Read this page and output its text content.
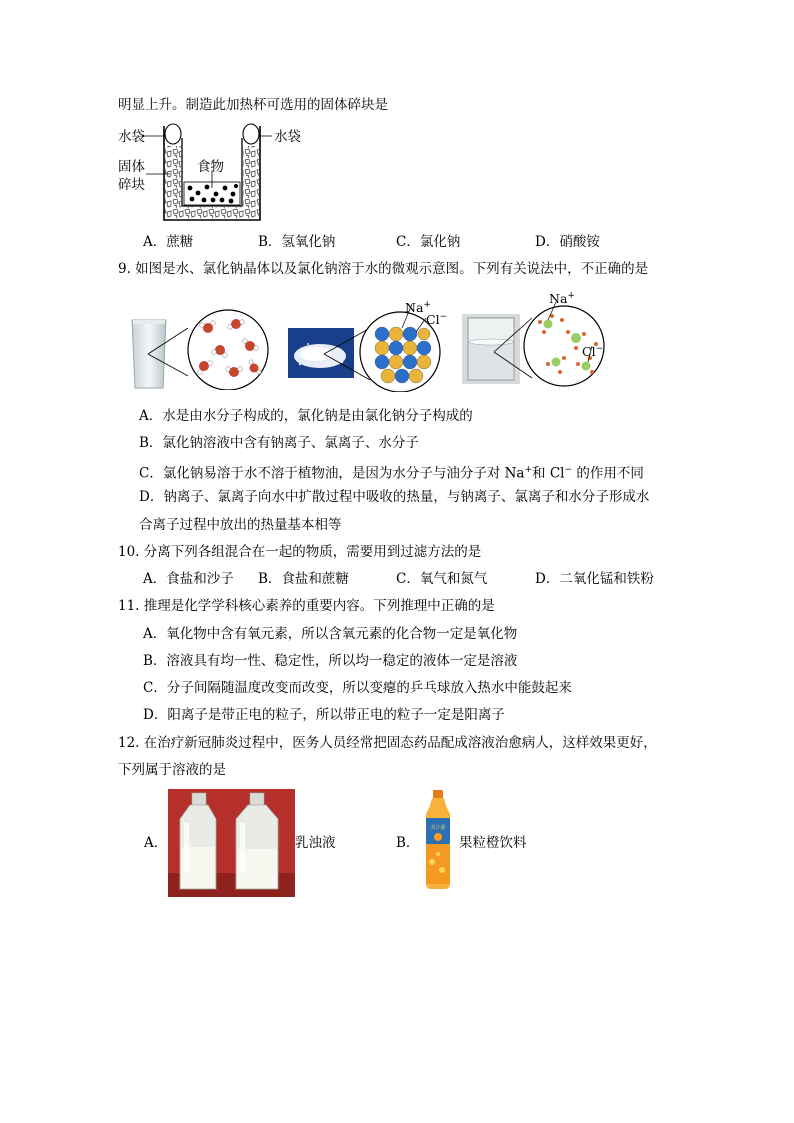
明显上升。制造此加热杯可选用的固体碎块是
水袋	水袋
固体
碎块
食物
A．蔗糖	B．氢氧化钠	C．氯化钠	D．硝酸铵
9. 如图是水、氯化钠晶体以及氯化钠溶于水的微观示意图。下列有关说法中，不正确的是
Na+
Cl−
Na+
Cl−
A．水是由水分子构成的，氯化钠是由氯化钠分子构成的
B．氯化钠溶液中含有钠离子、氯离子、水分子
C．氯化钠易溶于水不溶于植物油，是因为水分子与油分子对 Na+和 Cl− 的作用不同
D．钠离子、氯离子向水中扩散过程中吸收的热量，与钠离子、氯离子和水分子形成水
合离子过程中放出的热量基本相等
10. 分离下列各组混合在一起的物质，需要用到过滤方法的是
A．食盐和沙子 B．食盐和蔗糖	C．氧气和氮气	D．二氧化锰和铁粉
11. 推理是化学学科核心素养的重要内容。下列推理中正确的是
A．氧化物中含有氧元素，所以含氧元素的化合物一定是氧化物
B．溶液具有均一性、稳定性，所以均一稳定的液体一定是溶液
C．分子间隔随温度改变而改变，所以变瘪的乒乓球放入热水中能鼓起来
D．阳离子是带正电的粒子，所以带正电的粒子一定是阳离子
12. 在治疗新冠肺炎过程中，医务人员经常把固态药品配成溶液治愈病人，这样效果更好，
下列属于溶液的是
A．	乳浊液	B．
美汁源
果粒橙饮料
